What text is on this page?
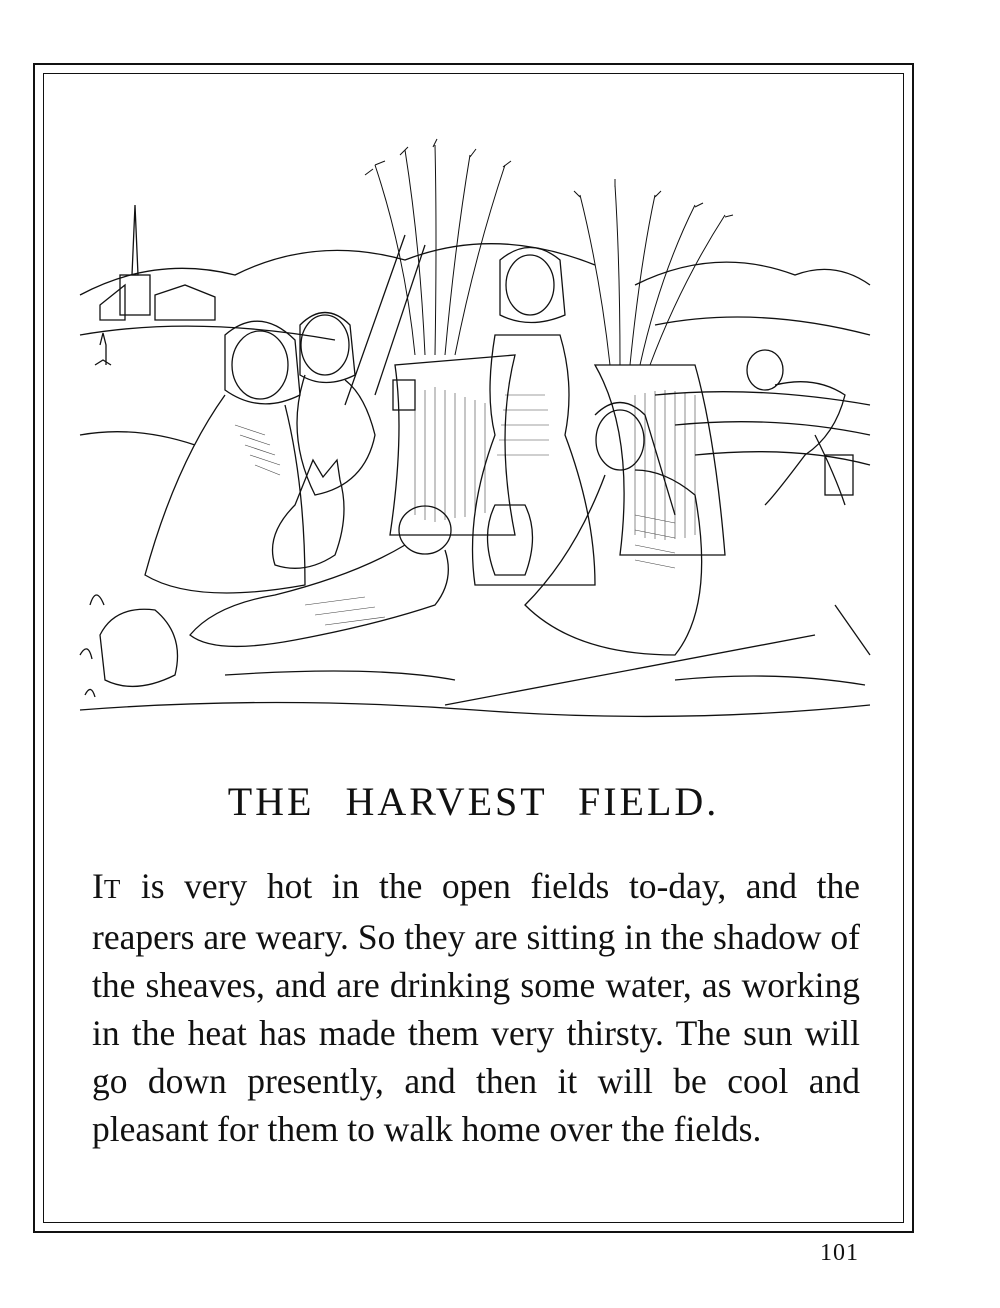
THE HARVEST FIELD.

IT is very hot in the open fields to-day, and the reapers are weary. So they are sitting in the shadow of the sheaves, and are drinking some water, as working in the heat has made them very thirsty. The sun will go down presently, and then it will be cool and pleasant for them to walk home over the fields.

101
